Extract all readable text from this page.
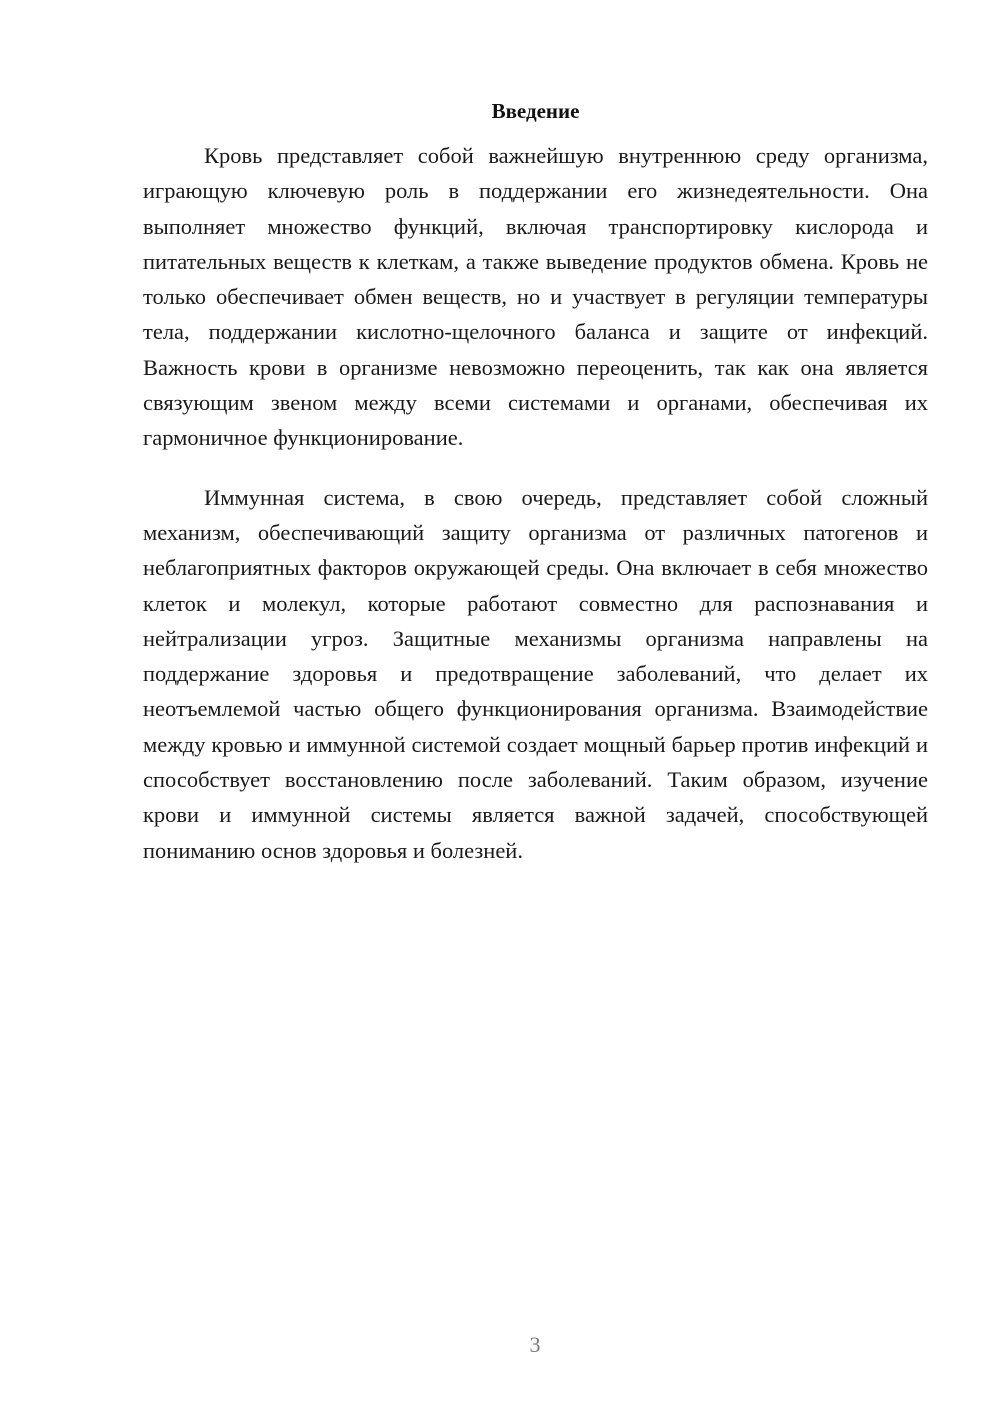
Введение

Кровь представляет собой важнейшую внутреннюю среду организма, играющую ключевую роль в поддержании его жизнедеятельности. Она выполняет множество функций, включая транспортировку кислорода и питательных веществ к клеткам, а также выведение продуктов обмена. Кровь не только обеспечивает обмен веществ, но и участвует в регуляции температуры тела, поддержании кислотно-щелочного баланса и защите от инфекций. Важность крови в организме невозможно переоценить, так как она является связующим звеном между всеми системами и органами, обеспечивая их гармоничное функционирование.

Иммунная система, в свою очередь, представляет собой сложный механизм, обеспечивающий защиту организма от различных патогенов и неблагоприятных факторов окружающей среды. Она включает в себя множество клеток и молекул, которые работают совместно для распознавания и нейтрализации угроз. Защитные механизмы организма направлены на поддержание здоровья и предотвращение заболеваний, что делает их неотъемлемой частью общего функционирования организма. Взаимодействие между кровью и иммунной системой создает мощный барьер против инфекций и способствует восстановлению после заболеваний. Таким образом, изучение крови и иммунной системы является важной задачей, способствующей пониманию основ здоровья и болезней.

3
